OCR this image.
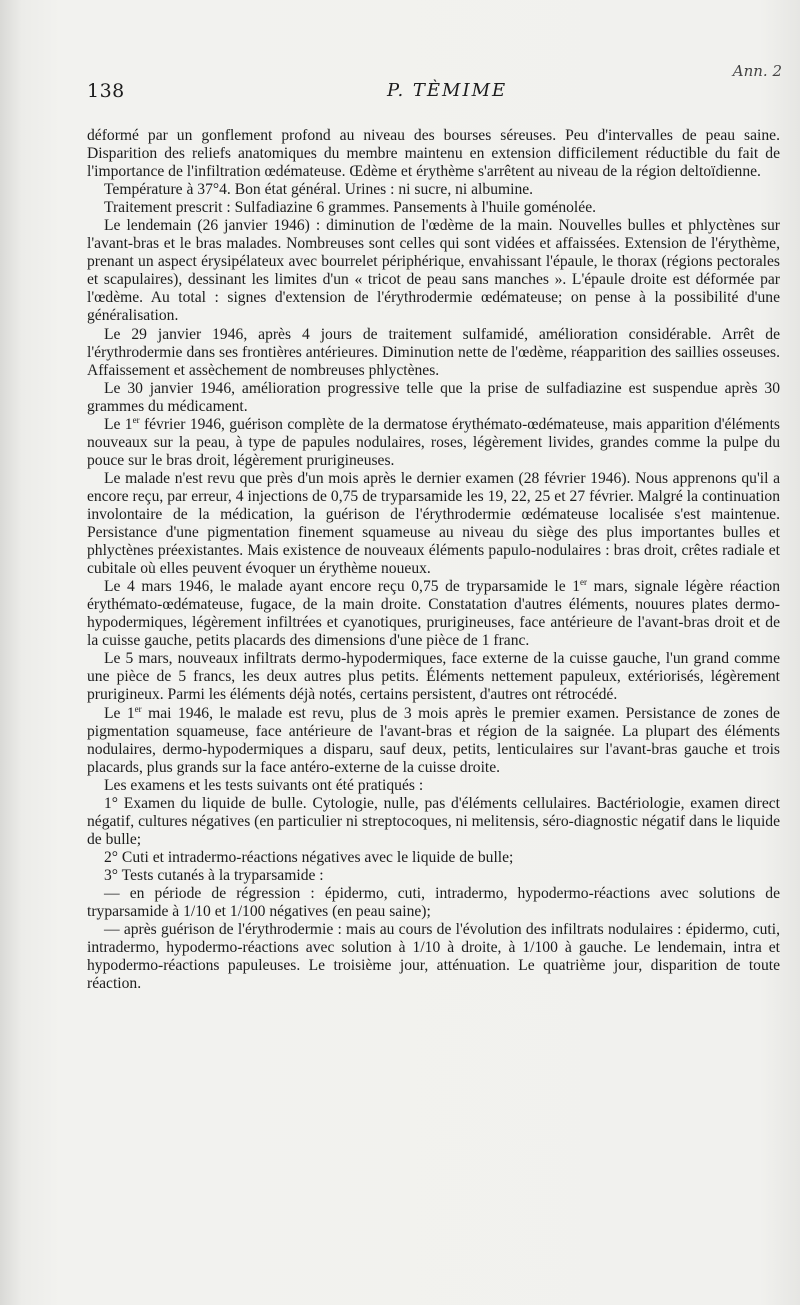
138	P. TÈMIME
Ann. 2

déformé par un gonflement profond au niveau des bourses séreuses. Peu d'intervalles de peau saine. Disparition des reliefs anatomiques du membre maintenu en extension difficilement réductible du fait de l'importance de l'infiltration œdémateuse. Œdème et érythème s'arrêtent au niveau de la région deltoïdienne.

Température à 37°4. Bon état général. Urines : ni sucre, ni albumine.

Traitement prescrit : Sulfadiazine 6 grammes. Pansements à l'huile goménolée.

Le lendemain (26 janvier 1946) : diminution de l'œdème de la main. Nouvelles bulles et phlyctènes sur l'avant-bras et le bras malades. Nombreuses sont celles qui sont vidées et affaissées. Extension de l'érythème, prenant un aspect érysipélateux avec bourrelet périphérique, envahissant l'épaule, le thorax (régions pectorales et scapulaires), dessinant les limites d'un « tricot de peau sans manches ». L'épaule droite est déformée par l'œdème. Au total : signes d'extension de l'érythrodermie œdémateuse; on pense à la possibilité d'une généralisation.

Le 29 janvier 1946, après 4 jours de traitement sulfamidé, amélioration considérable. Arrêt de l'érythrodermie dans ses frontières antérieures. Diminution nette de l'œdème, réapparition des saillies osseuses. Affaissement et assèchement de nombreuses phlyctènes.

Le 30 janvier 1946, amélioration progressive telle que la prise de sulfadiazine est suspendue après 30 grammes du médicament.

Le 1er février 1946, guérison complète de la dermatose érythémato-œdémateuse, mais apparition d'éléments nouveaux sur la peau, à type de papules nodulaires, roses, légèrement livides, grandes comme la pulpe du pouce sur le bras droit, légèrement prurigineuses.

Le malade n'est revu que près d'un mois après le dernier examen (28 février 1946). Nous apprenons qu'il a encore reçu, par erreur, 4 injections de 0,75 de tryparsamide les 19, 22, 25 et 27 février. Malgré la continuation involontaire de la médication, la guérison de l'érythrodermie œdémateuse localisée s'est maintenue. Persistance d'une pigmentation finement squameuse au niveau du siège des plus importantes bulles et phlyctènes préexistantes. Mais existence de nouveaux éléments papulo-nodulaires : bras droit, crêtes radiale et cubitale où elles peuvent évoquer un érythème noueux.

Le 4 mars 1946, le malade ayant encore reçu 0,75 de tryparsamide le 1er mars, signale légère réaction érythémato-œdémateuse, fugace, de la main droite. Constatation d'autres éléments, nouures plates dermo-hypodermiques, légèrement infiltrées et cyanotiques, prurigineuses, face antérieure de l'avant-bras droit et de la cuisse gauche, petits placards des dimensions d'une pièce de 1 franc.

Le 5 mars, nouveaux infiltrats dermo-hypodermiques, face externe de la cuisse gauche, l'un grand comme une pièce de 5 francs, les deux autres plus petits. Éléments nettement papuleux, extériorisés, légèrement prurigineux. Parmi les éléments déjà notés, certains persistent, d'autres ont rétrocédé.

Le 1er mai 1946, le malade est revu, plus de 3 mois après le premier examen. Persistance de zones de pigmentation squameuse, face antérieure de l'avant-bras et région de la saignée. La plupart des éléments nodulaires, dermo-hypodermiques a disparu, sauf deux, petits, lenticulaires sur l'avant-bras gauche et trois placards, plus grands sur la face antéro-externe de la cuisse droite.

Les examens et les tests suivants ont été pratiqués :

1° Examen du liquide de bulle. Cytologie, nulle, pas d'éléments cellulaires. Bactériologie, examen direct négatif, cultures négatives (en particulier ni streptocoques, ni melitensis, séro-diagnostic négatif dans le liquide de bulle;

2° Cuti et intradermo-réactions négatives avec le liquide de bulle;

3° Tests cutanés à la tryparsamide :

— en période de régression : épidermo, cuti, intradermo, hypodermo-réactions avec solutions de tryparsamide à 1/10 et 1/100 négatives (en peau saine);

— après guérison de l'érythrodermie : mais au cours de l'évolution des infiltrats nodulaires : épidermo, cuti, intradermo, hypodermo-réactions avec solution à 1/10 à droite, à 1/100 à gauche. Le lendemain, intra et hypodermo-réactions papuleuses. Le troisième jour, atténuation. Le quatrième jour, disparition de toute réaction.
